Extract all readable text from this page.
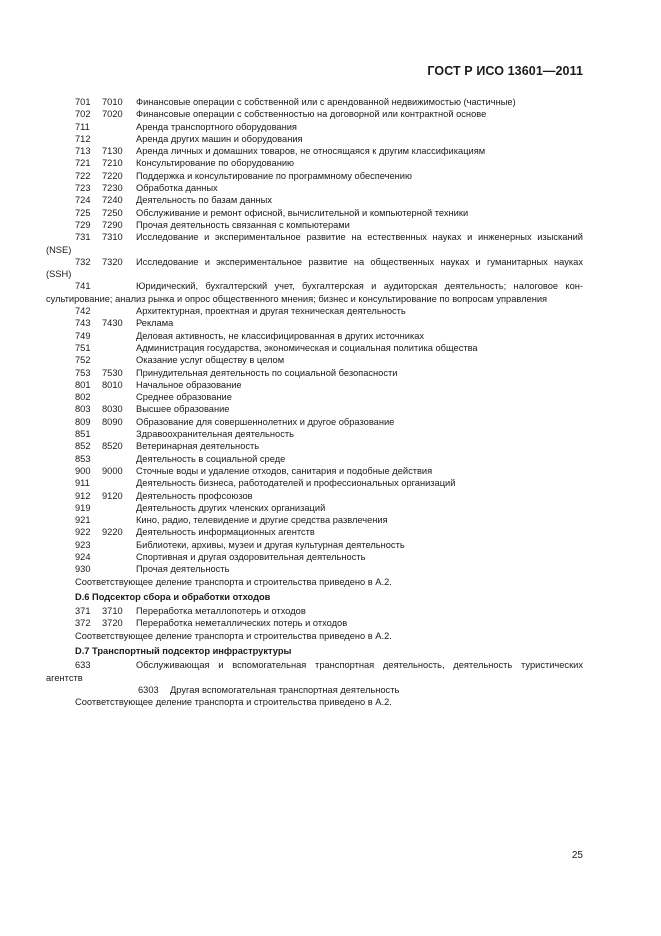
ГОСТ Р ИСО 13601—2011
701 7010 Финансовые операции с собственной или с арендованной недвижимостью (частичные)
702 7020 Финансовые операции с собственностью на договорной или контрактной основе
711	Аренда транспортного оборудования
712	Аренда других машин и оборудования
713 7130 Аренда личных и домашних товаров, не относящаяся к другим классификациям
721 7210 Консультирование по оборудованию
722 7220 Поддержка и консультирование по программному обеспечению
723 7230 Обработка данных
724 7240 Деятельность по базам данных
725 7250 Обслуживание и ремонт офисной, вычислительной и компьютерной техники
729 7290 Прочая деятельность связанная с компьютерами
731 7310 Исследование и экспериментальное развитие на естественных науках и инженерных изысканий
(NSE)
732 7320 Исследование и экспериментальное развитие на общественных науках и гуманитарных науках
(SSH)
741	Юридический, бухгалтерский учет, бухгалтерская и аудиторская деятельность; налоговое кон-
сультирование; анализ рынка и опрос общественного мнения; бизнес и консультирование по вопросам управления
742	Архитектурная, проектная и другая техническая деятельность
743 7430 Реклама
749	Деловая активность, не классифицированная в других источниках
751	Администрация государства, экономическая и социальная политика общества
752	Оказание услуг обществу в целом
753 7530 Принудительная деятельность по социальной безопасности
801 8010 Начальное образование
802	Среднее образование
803 8030 Высшее образование
809 8090 Образование для совершеннолетних и другое образование
851	Здравоохранительная деятельность
852 8520 Ветеринарная деятельность
853	Деятельность в социальной среде
900 9000 Сточные воды и удаление отходов, санитария и подобные действия
911	Деятельность бизнеса, работодателей и профессиональных организаций
912 9120 Деятельность профсоюзов
919	Деятельность других членских организаций
921	Кино, радио, телевидение и другие средства развлечения
922 9220 Деятельность информационных агентств
923	Библиотеки, архивы, музеи и другая культурная деятельность
924	Спортивная и другая оздоровительная деятельность
930	Прочая деятельность
Соответствующее деление транспорта и строительства приведено в А.2.
D.6 Подсектор сбора и обработки отходов
371 3710 Переработка металлопотерь и отходов
372 3720 Переработка неметаллических потерь и отходов
Соответствующее деление транспорта и строительства приведено в А.2.
D.7 Транспортный подсектор инфраструктуры
633	Обслуживающая и вспомогательная транспортная деятельность, деятельность туристических
агентств
6303 Другая вспомогательная транспортная деятельность
Соответствующее деление транспорта и строительства приведено в А.2.
25
